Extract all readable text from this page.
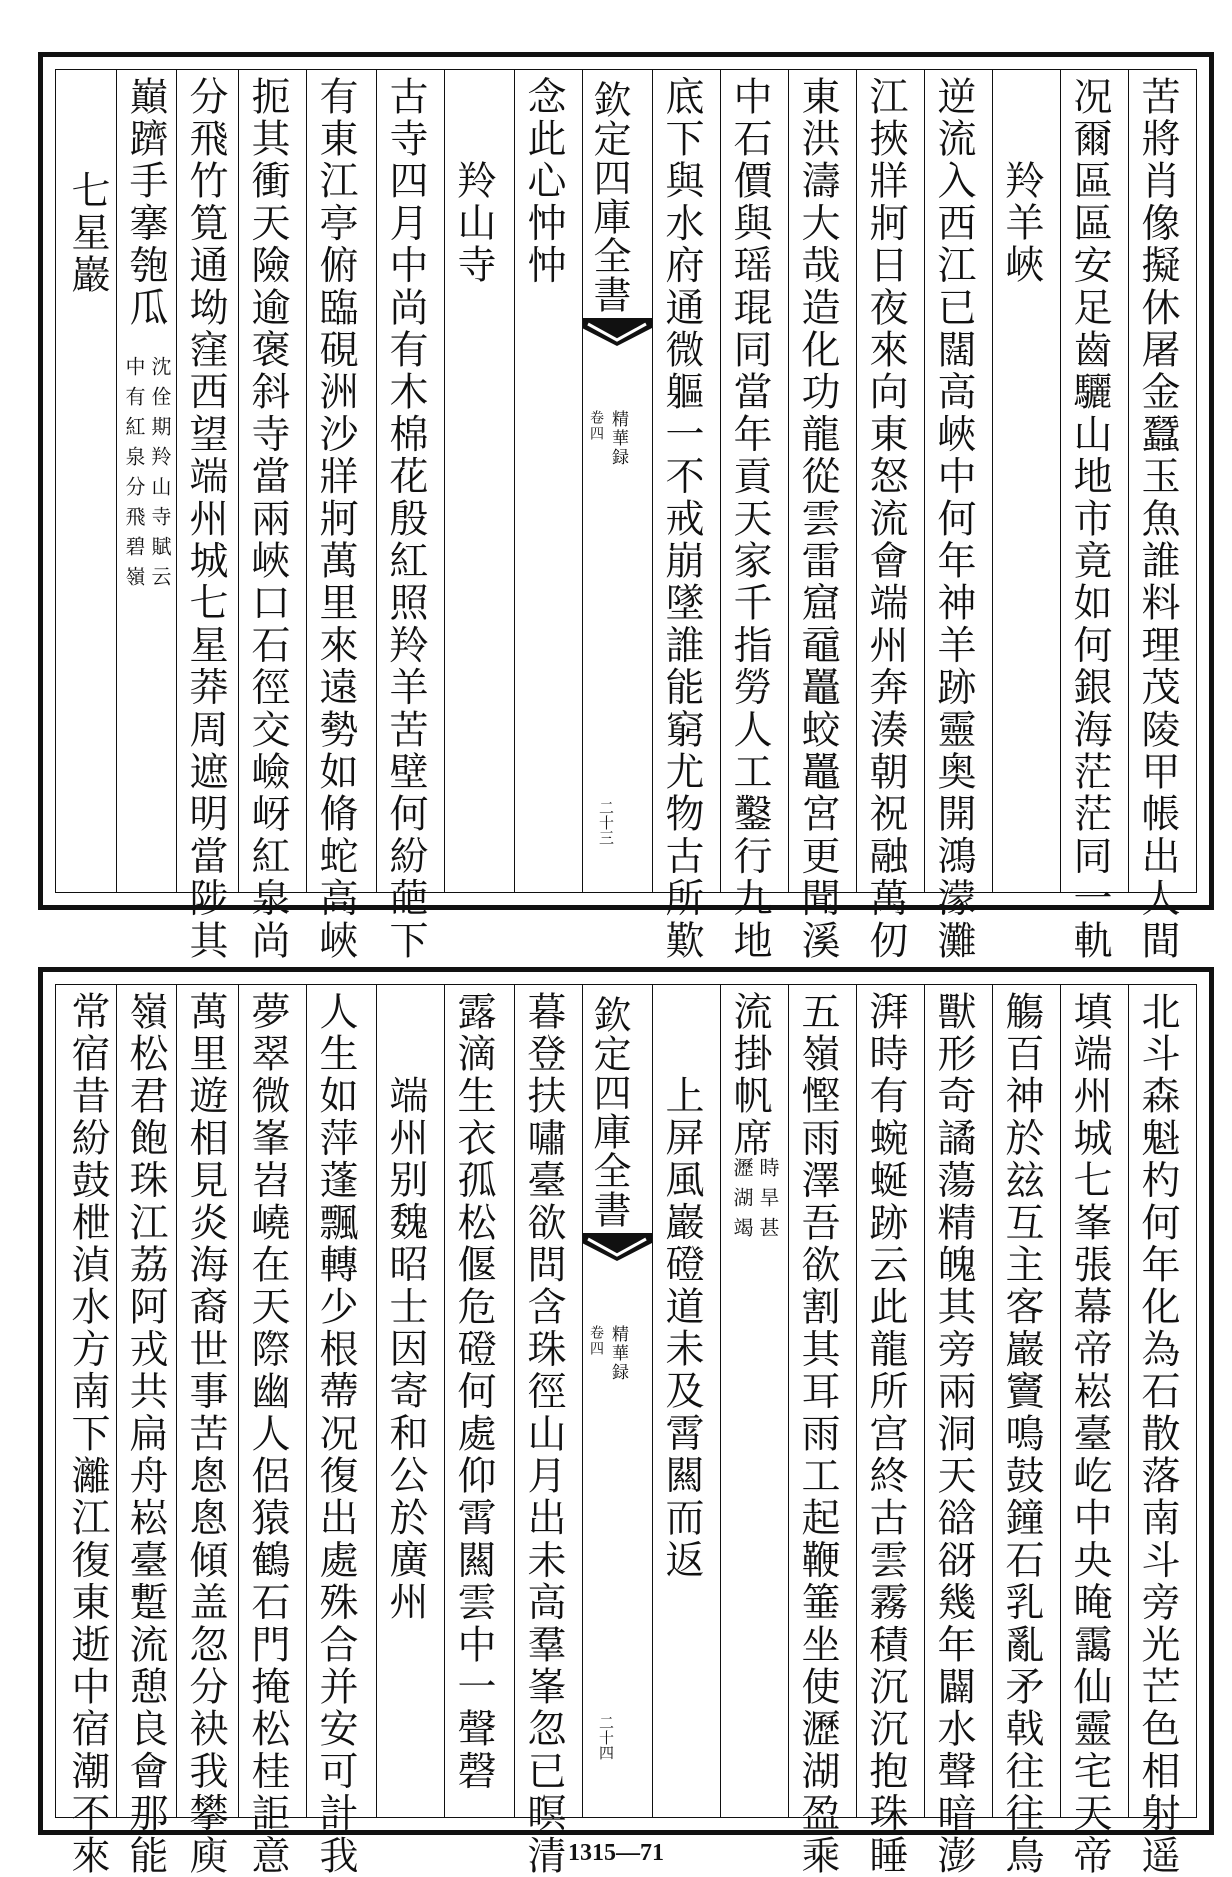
苦將肖像擬休屠金蠶玉魚誰料理茂陵甲帳出人間
况爾區區安足齒驪山地市竟如何銀海茫茫同一軌
羚羊峽
逆流入西江已闊高峽中何年神羊跡靈奥開鴻濛灘
江挾牂牁日夜來向東怒流會端州奔湊朝祝融萬仞
東洪濤大哉造化功龍從雲雷窟黿鼉蛟鼉宮更聞溪
中石價與瑶琨同當年貢天家千指勞人工鑿行九地
底下與水府通微軀一不戒崩墜誰能窮尤物古所歎
欽定四庫全書
精華録
卷四
二十三
念此心忡忡
羚山寺
古寺四月中尚有木棉花殷紅照羚羊苦壁何紛葩下
有東江亭俯臨硯洲沙牂牁萬里來遠勢如脩蛇高峽
扼其衝天險逾褒斜寺當兩峽口石徑交嶮岈紅泉尚
分飛竹筧通坳窪西望端州城七星莽周遮明當陟其
巔躋手搴匏瓜
沈佺期羚山寺賦云
中有紅泉分飛碧嶺
七星巖
北斗森魁杓何年化為石散落南斗旁光芒色相射遥
填端州城七峯張幕帝崧臺屹中央晻靄仙靈宅天帝
觴百神於玆互主客巖竇鳴鼓鐘石乳亂矛戟往往鳥
獸形奇譎蕩精魄其旁兩洞天谽谺幾年闢水聲暗澎
湃時有蜿蜒跡云此龍所宫終古雲霧積沉沉抱珠睡
五嶺慳雨澤吾欲割其耳雨工起鞭箠坐使瀝湖盈乘
流掛帆席
時旱甚
瀝湖竭
上屏風巖磴道未及霄闗而返
欽定四庫全書
精華録
卷四
二十四
暮登扶嘯臺欲問含珠徑山月出未高羣峯忽已暝清
露滴生衣孤松偃危磴何處仰霄闗雲中一聲磬
端州别魏昭士因寄和公於廣州
人生如萍蓬飄轉少根蔕况復出處殊合并安可計我
夢翠微峯岧嶢在天際幽人侶猿鶴石門掩松桂詎意
萬里遊相見炎海裔世事苦悤悤傾盖忽分袂我攀庾
嶺松君飽珠江荔阿戎共扁舟崧臺蹔流憩良會那能
常宿昔紛鼓枻湞水方南下灕江復東逝中宿潮不來	1315—71
